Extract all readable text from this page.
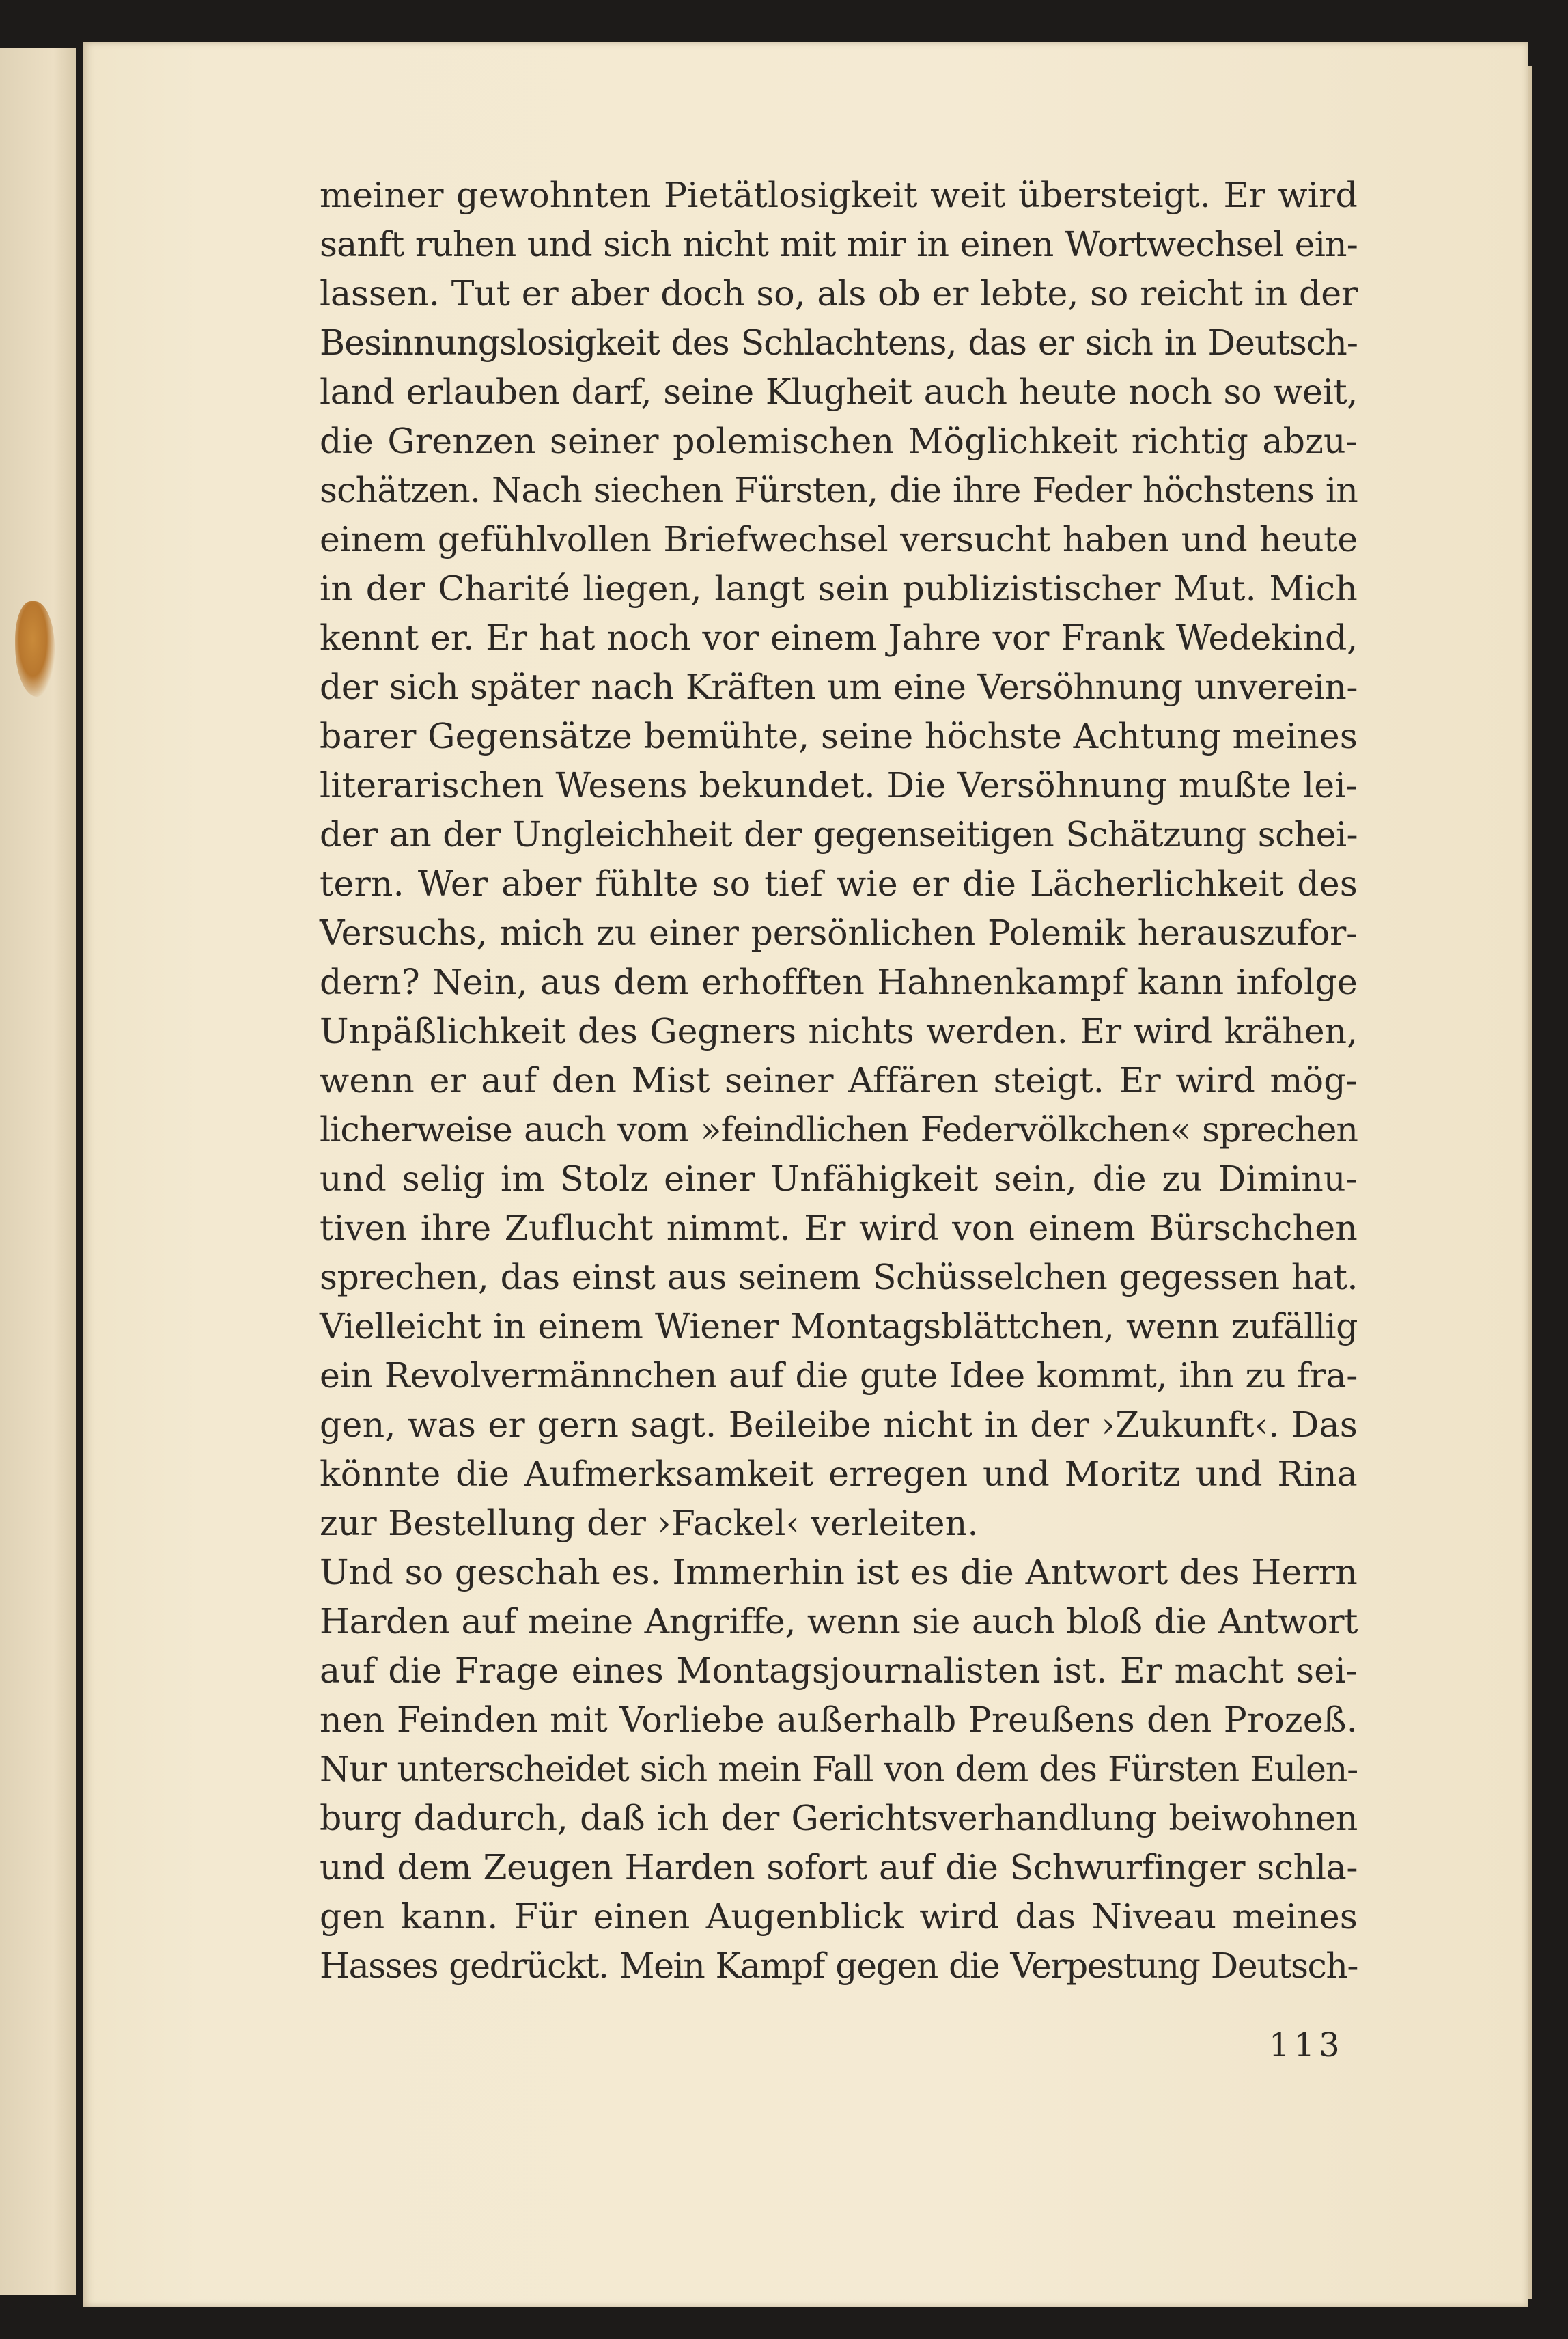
meiner gewohnten Pietätlosigkeit weit übersteigt. Er wird
sanft ruhen und sich nicht mit mir in einen Wortwechsel ein-
lassen. Tut er aber doch so, als ob er lebte, so reicht in der
Besinnungslosigkeit des Schlachtens, das er sich in Deutsch-
land erlauben darf, seine Klugheit auch heute noch so weit,
die Grenzen seiner polemischen Möglichkeit richtig abzu-
schätzen. Nach siechen Fürsten, die ihre Feder höchstens in
einem gefühlvollen Briefwechsel versucht haben und heute
in der Charité liegen, langt sein publizistischer Mut. Mich
kennt er. Er hat noch vor einem Jahre vor Frank Wedekind,
der sich später nach Kräften um eine Versöhnung unverein-
barer Gegensätze bemühte, seine höchste Achtung meines
literarischen Wesens bekundet. Die Versöhnung mußte lei-
der an der Ungleichheit der gegenseitigen Schätzung schei-
tern. Wer aber fühlte so tief wie er die Lächerlichkeit des
Versuchs, mich zu einer persönlichen Polemik herauszufor-
dern? Nein, aus dem erhofften Hahnenkampf kann infolge
Unpäßlichkeit des Gegners nichts werden. Er wird krähen,
wenn er auf den Mist seiner Affären steigt. Er wird mög-
licherweise auch vom »feindlichen Federvölkchen« sprechen
und selig im Stolz einer Unfähigkeit sein, die zu Diminu-
tiven ihre Zuflucht nimmt. Er wird von einem Bürschchen
sprechen, das einst aus seinem Schüsselchen gegessen hat.
Vielleicht in einem Wiener Montagsblättchen, wenn zufällig
ein Revolvermännchen auf die gute Idee kommt, ihn zu fra-
gen, was er gern sagt. Beileibe nicht in der ›Zukunft‹. Das
könnte die Aufmerksamkeit erregen und Moritz und Rina
zur Bestellung der ›Fackel‹ verleiten.
Und so geschah es. Immerhin ist es die Antwort des Herrn
Harden auf meine Angriffe, wenn sie auch bloß die Antwort
auf die Frage eines Montagsjournalisten ist. Er macht sei-
nen Feinden mit Vorliebe außerhalb Preußens den Prozeß.
Nur unterscheidet sich mein Fall von dem des Fürsten Eulen-
burg dadurch, daß ich der Gerichtsverhandlung beiwohnen
und dem Zeugen Harden sofort auf die Schwurfinger schla-
gen kann. Für einen Augenblick wird das Niveau meines
Hasses gedrückt. Mein Kampf gegen die Verpestung Deutsch-
113
